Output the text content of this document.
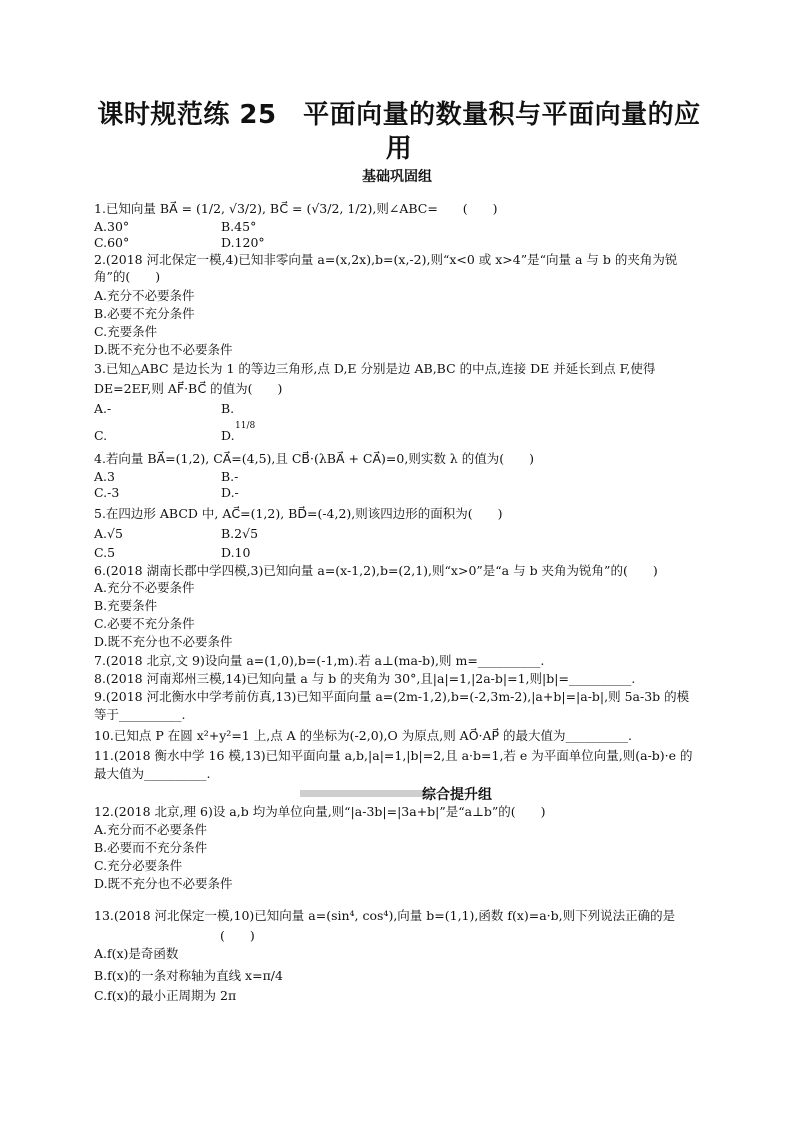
课时规范练 25　平面向量的数量积与平面向量的应
用
基础巩固组
1.已知向量 BA⃗ = (1/2, √3/2), BC⃗ = (√3/2, 1/2),则∠ABC=　　(　　)
A.30°	B.45°
C.60°	D.120°
2.(2018 河北保定一模,4)已知非零向量 a=(x,2x),b=(x,-2),则“x<0 或 x>4”是“向量 a 与 b 的夹角为锐
角”的(　　)
A.充分不必要条件
B.必要不充分条件
C.充要条件
D.既不充分也不必要条件
3.已知△ABC 是边长为 1 的等边三角形,点 D,E 分别是边 AB,BC 的中点,连接 DE 并延长到点 F,使得
DE=2EF,则 AF⃗·BC⃗ 的值为(　　)
A.-	B.
C.	D.
11/8
4.若向量 BA⃗=(1,2), CA⃗=(4,5),且 CB⃗·(λBA⃗ + CA⃗)=0,则实数 λ 的值为(　　)
A.3	B.-
C.-3	D.-
5.在四边形 ABCD 中, AC⃗=(1,2), BD⃗=(-4,2),则该四边形的面积为(　　)
A.√5	B.2√5
C.5	D.10
6.(2018 湖南长郡中学四模,3)已知向量 a=(x-1,2),b=(2,1),则“x>0”是“a 与 b 夹角为锐角”的(　　)
A.充分不必要条件
B.充要条件
C.必要不充分条件
D.既不充分也不必要条件
7.(2018 北京,文 9)设向量 a=(1,0),b=(-1,m).若 a⊥(ma-b),则 m=__________.
8.(2018 河南郑州三模,14)已知向量 a 与 b 的夹角为 30°,且|a|=1,|2a-b|=1,则|b|=__________.
9.(2018 河北衡水中学考前仿真,13)已知平面向量 a=(2m-1,2),b=(-2,3m-2),|a+b|=|a-b|,则 5a-3b 的模
等于__________.
10.已知点 P 在圆 x²+y²=1 上,点 A 的坐标为(-2,0),O 为原点,则 AO⃗·AP⃗ 的最大值为__________.
11.(2018 衡水中学 16 模,13)已知平面向量 a,b,|a|=1,|b|=2,且 a·b=1,若 e 为平面单位向量,则(a-b)·e 的
最大值为__________.
综合提升组
12.(2018 北京,理 6)设 a,b 均为单位向量,则“|a-3b|=|3a+b|”是“a⊥b”的(　　)
A.充分而不必要条件
B.必要而不充分条件
C.充分必要条件
D.既不充分也不必要条件
13.(2018 河北保定一模,10)已知向量 a=(sin⁴, cos⁴),向量 b=(1,1),函数 f(x)=a·b,则下列说法正确的是
(　　)
A.f(x)是奇函数
B.f(x)的一条对称轴为直线 x=π/4
C.f(x)的最小正周期为 2π
